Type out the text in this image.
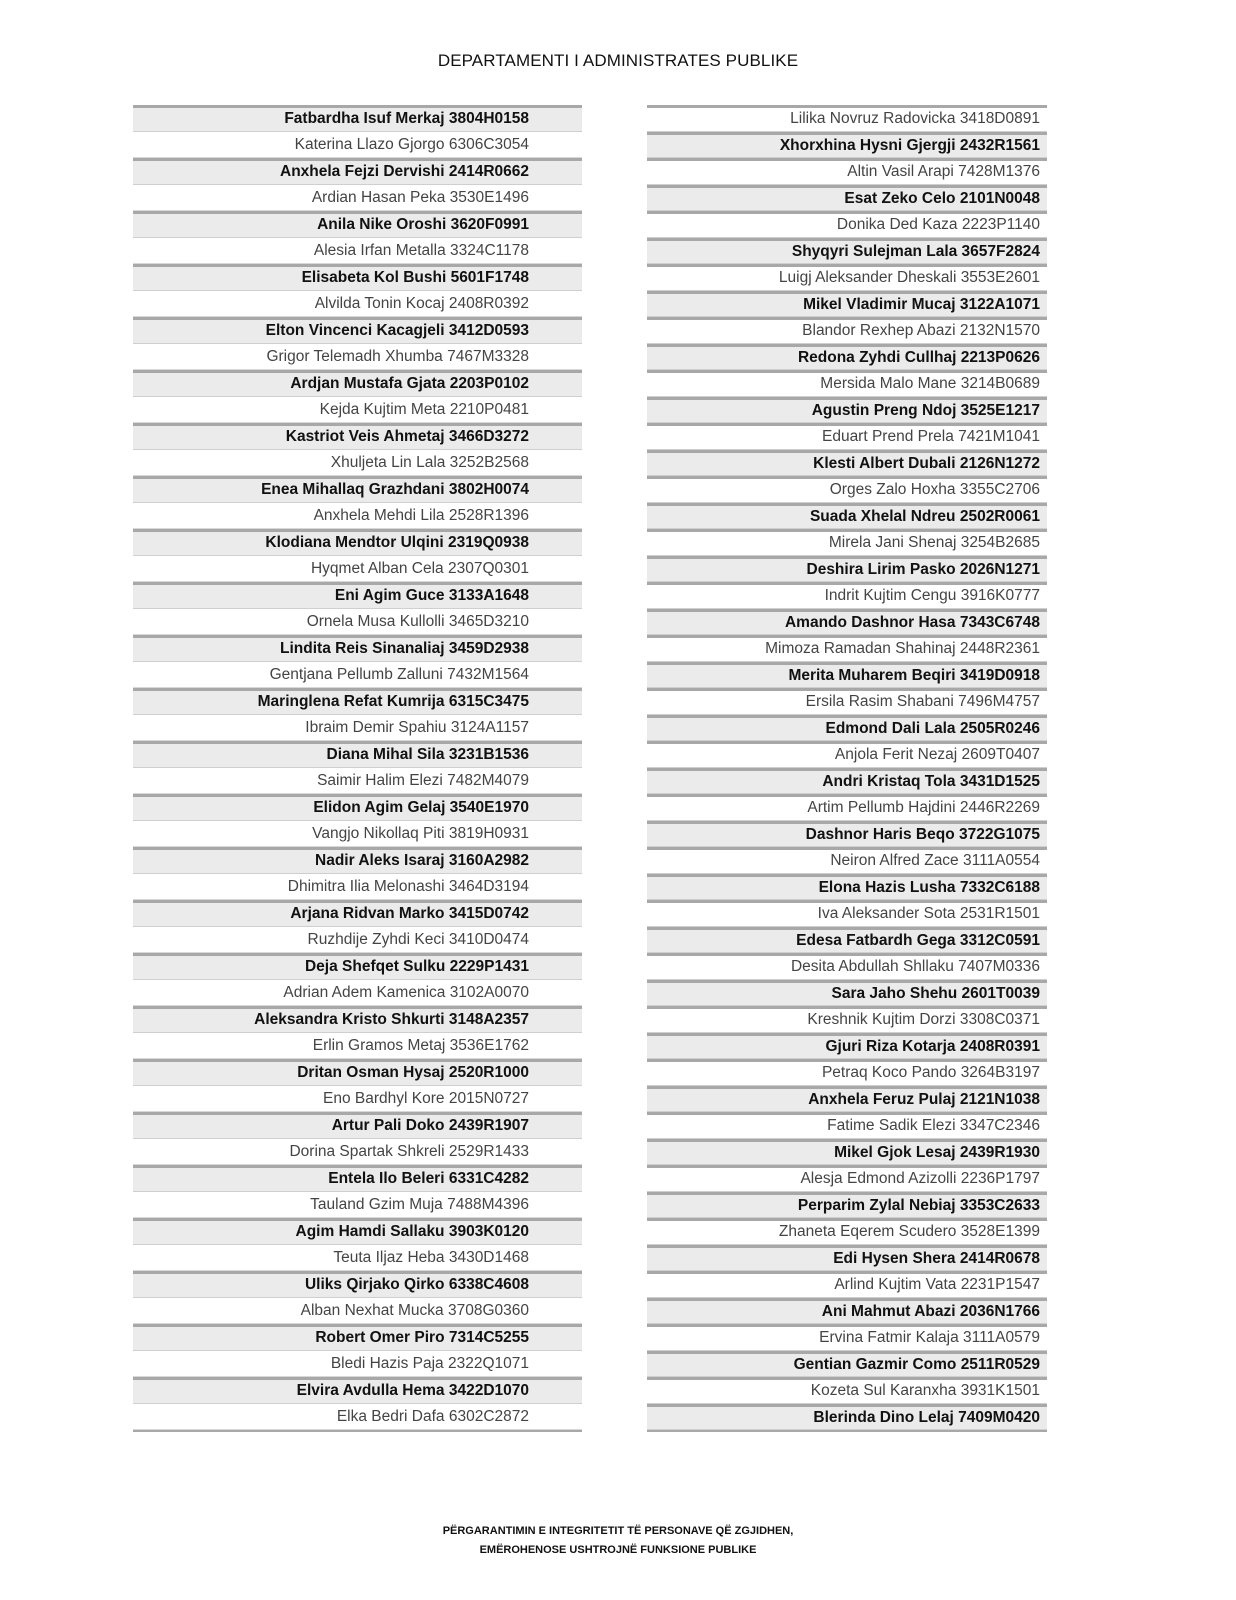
DEPARTAMENTI I ADMINISTRATES PUBLIKE
Fatbardha Isuf Merkaj 3804H0158
Katerina Llazo Gjorgo 6306C3054
Anxhela Fejzi Dervishi 2414R0662
Ardian Hasan Peka 3530E1496
Anila Nike Oroshi 3620F0991
Alesia Irfan Metalla 3324C1178
Elisabeta Kol Bushi 5601F1748
Alvilda Tonin Kocaj 2408R0392
Elton Vincenci Kacagjeli 3412D0593
Grigor Telemadh Xhumba 7467M3328
Ardjan Mustafa Gjata 2203P0102
Kejda Kujtim Meta 2210P0481
Kastriot Veis Ahmetaj 3466D3272
Xhuljeta Lin Lala 3252B2568
Enea Mihallaq Grazhdani 3802H0074
Anxhela Mehdi Lila 2528R1396
Klodiana Mendtor Ulqini 2319Q0938
Hyqmet Alban Cela 2307Q0301
Eni Agim Guce 3133A1648
Ornela Musa Kullolli 3465D3210
Lindita Reis Sinanaliaj 3459D2938
Gentjana Pellumb Zalluni 7432M1564
Maringlena Refat Kumrija 6315C3475
Ibraim Demir Spahiu 3124A1157
Diana Mihal Sila 3231B1536
Saimir Halim Elezi 7482M4079
Elidon Agim Gelaj 3540E1970
Vangjo Nikollaq Piti 3819H0931
Nadir Aleks Isaraj 3160A2982
Dhimitra Ilia Melonashi 3464D3194
Arjana Ridvan Marko 3415D0742
Ruzhdije Zyhdi Keci 3410D0474
Deja Shefqet Sulku 2229P1431
Adrian Adem Kamenica 3102A0070
Aleksandra Kristo Shkurti 3148A2357
Erlin Gramos Metaj 3536E1762
Dritan Osman Hysaj 2520R1000
Eno Bardhyl Kore 2015N0727
Artur Pali Doko 2439R1907
Dorina Spartak Shkreli 2529R1433
Entela Ilo Beleri 6331C4282
Tauland Gzim Muja 7488M4396
Agim Hamdi Sallaku 3903K0120
Teuta Iljaz Heba 3430D1468
Uliks Qirjako Qirko 6338C4608
Alban Nexhat Mucka 3708G0360
Robert Omer Piro 7314C5255
Bledi Hazis Paja 2322Q1071
Elvira Avdulla Hema 3422D1070
Elka Bedri Dafa 6302C2872
Lilika Novruz Radovicka 3418D0891
Xhorxhina Hysni Gjergji 2432R1561
Altin Vasil Arapi 7428M1376
Esat Zeko Celo 2101N0048
Donika Ded Kaza 2223P1140
Shyqyri Sulejman Lala 3657F2824
Luigj Aleksander Dheskali 3553E2601
Mikel Vladimir Mucaj 3122A1071
Blandor Rexhep Abazi 2132N1570
Redona Zyhdi Cullhaj 2213P0626
Mersida Malo Mane 3214B0689
Agustin Preng Ndoj 3525E1217
Eduart Prend Prela 7421M1041
Klesti Albert Dubali 2126N1272
Orges Zalo Hoxha 3355C2706
Suada Xhelal Ndreu 2502R0061
Mirela Jani Shenaj 3254B2685
Deshira Lirim Pasko 2026N1271
Indrit Kujtim Cengu 3916K0777
Amando Dashnor Hasa 7343C6748
Mimoza Ramadan Shahinaj 2448R2361
Merita Muharem Beqiri 3419D0918
Ersila Rasim Shabani 7496M4757
Edmond Dali Lala 2505R0246
Anjola Ferit Nezaj 2609T0407
Andri Kristaq Tola 3431D1525
Artim Pellumb Hajdini 2446R2269
Dashnor Haris Beqo 3722G1075
Neiron Alfred Zace 3111A0554
Elona Hazis Lusha 7332C6188
Iva Aleksander Sota 2531R1501
Edesa Fatbardh Gega 3312C0591
Desita Abdullah Shllaku 7407M0336
Sara Jaho Shehu 2601T0039
Kreshnik Kujtim Dorzi 3308C0371
Gjuri Riza Kotarja 2408R0391
Petraq Koco Pando 3264B3197
Anxhela Feruz Pulaj 2121N1038
Fatime Sadik Elezi 3347C2346
Mikel Gjok Lesaj 2439R1930
Alesja Edmond Azizolli 2236P1797
Perparim Zylal Nebiaj 3353C2633
Zhaneta Eqerem Scudero 3528E1399
Edi Hysen Shera 2414R0678
Arlind Kujtim Vata 2231P1547
Ani Mahmut Abazi 2036N1766
Ervina Fatmir Kalaja 3111A0579
Gentian Gazmir Como 2511R0529
Kozeta Sul Karanxha 3931K1501
Blerinda Dino Lelaj 7409M0420
PËRGARANTIMIN E INTEGRITETIT TË PERSONAVE QË ZGJIDHEN,
EMËROHENOSE USHTROJNË FUNKSIONE PUBLIKE
